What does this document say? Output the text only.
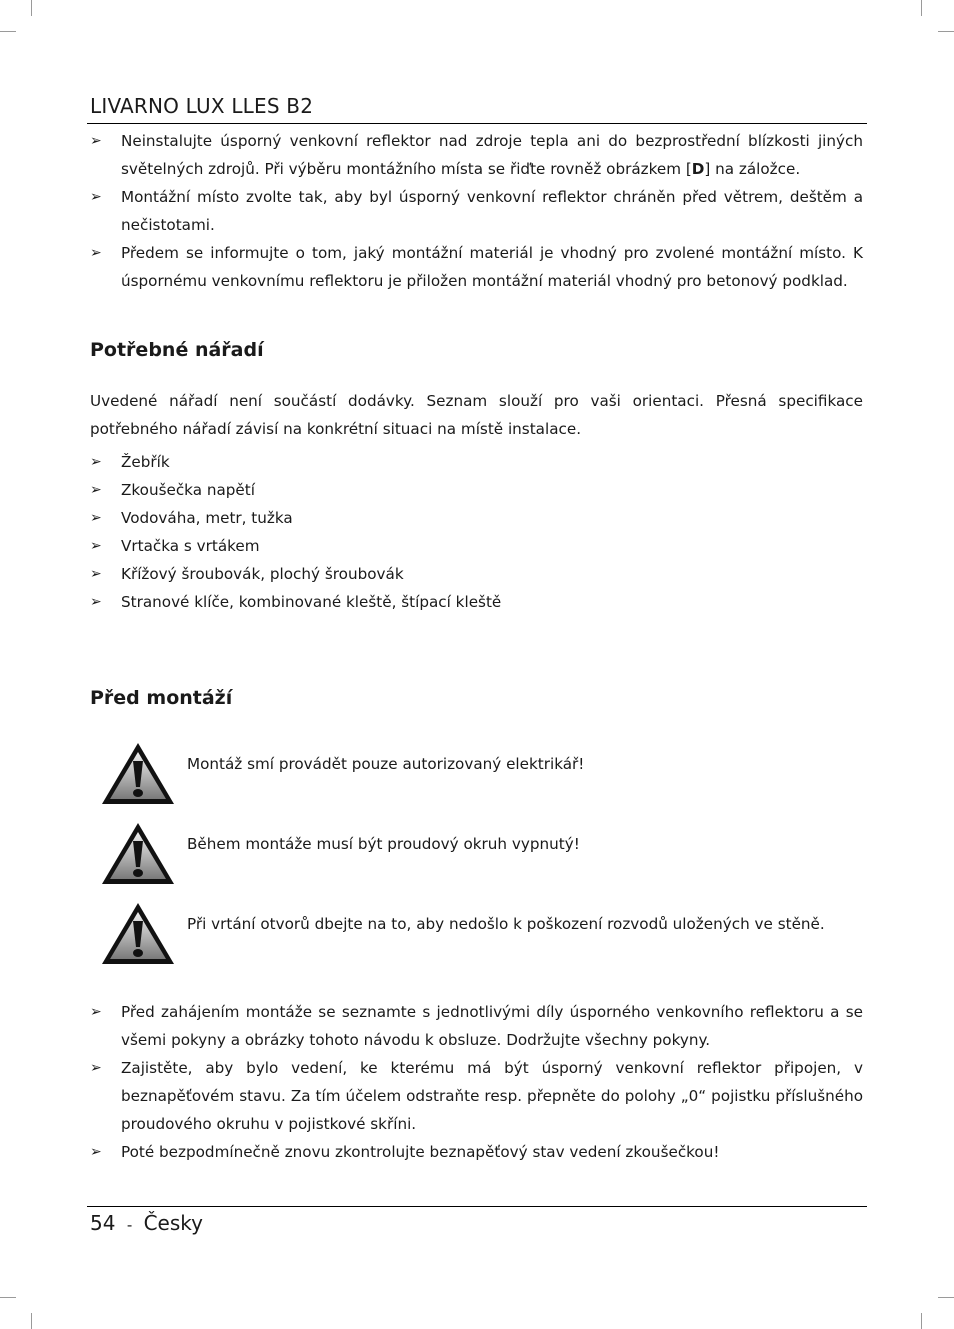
LIVARNO LUX LLES B2
➢	Neinstalujte úsporný venkovní reflektor nad zdroje tepla ani do bezprostřední blízkosti jiných světelných zdrojů. Při výběru montážního místa se řiďte rovněž obrázkem [D] na záložce.
➢	Montážní místo zvolte tak, aby byl úsporný venkovní reflektor chráněn před větrem, deštěm a nečistotami.
➢	Předem se informujte o tom, jaký montážní materiál je vhodný pro zvolené montážní místo. K úspornému venkovnímu reflektoru je přiložen montážní materiál vhodný pro betonový podklad.
Potřebné nářadí

Uvedené nářadí není součástí dodávky. Seznam slouží pro vaši orientaci. Přesná specifikace potřebného nářadí závisí na konkrétní situaci na místě instalace.

➢	Žebřík
➢	Zkoušečka napětí
➢	Vodováha, metr, tužka
➢	Vrtačka s vrtákem
➢	Křížový šroubovák, plochý šroubovák
➢	Stranové klíče, kombinované kleště, štípací kleště
Před montáží
Montáž smí provádět pouze autorizovaný elektrikář!
Během montáže musí být proudový okruh vypnutý!
Při vrtání otvorů dbejte na to, aby nedošlo k poškození rozvodů uložených ve stěně.
➢	Před zahájením montáže se seznamte s jednotlivými díly úsporného venkovního reflektoru a se všemi pokyny a obrázky tohoto návodu k obsluze. Dodržujte všechny pokyny.
➢	Zajistěte, aby bylo vedení, ke kterému má být úsporný venkovní reflektor připojen, v beznapěťovém stavu. Za tím účelem odstraňte resp. přepněte do polohy „0“ pojistku příslušného proudového okruhu v pojistkové skříni.
➢	Poté bezpodmínečně znovu zkontrolujte beznapěťový stav vedení zkoušečkou!
54 - Česky
